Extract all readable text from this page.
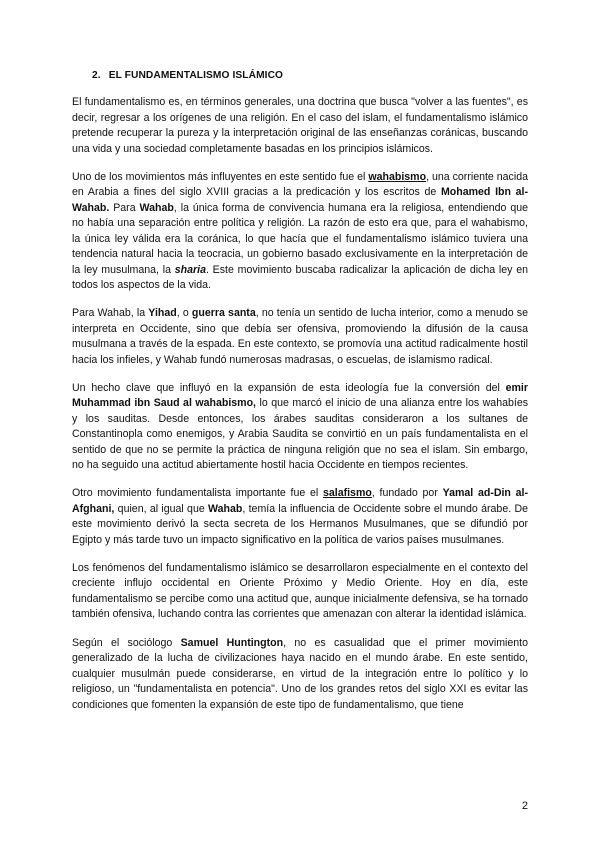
2. EL FUNDAMENTALISMO ISLÁMICO

El fundamentalismo es, en términos generales, una doctrina que busca "volver a las fuentes", es decir, regresar a los orígenes de una religión. En el caso del islam, el fundamentalismo islámico pretende recuperar la pureza y la interpretación original de las enseñanzas coránicas, buscando una vida y una sociedad completamente basadas en los principios islámicos.

Uno de los movimientos más influyentes en este sentido fue el wahabismo, una corriente nacida en Arabia a fines del siglo XVIII gracias a la predicación y los escritos de Mohamed Ibn al-Wahab. Para Wahab, la única forma de convivencia humana era la religiosa, entendiendo que no había una separación entre política y religión. La razón de esto era que, para el wahabismo, la única ley válida era la coránica, lo que hacía que el fundamentalismo islámico tuviera una tendencia natural hacia la teocracia, un gobierno basado exclusivamente en la interpretación de la ley musulmana, la sharia. Este movimiento buscaba radicalizar la aplicación de dicha ley en todos los aspectos de la vida.

Para Wahab, la Yihad, o guerra santa, no tenía un sentido de lucha interior, como a menudo se interpreta en Occidente, sino que debía ser ofensiva, promoviendo la difusión de la causa musulmana a través de la espada. En este contexto, se promovía una actitud radicalmente hostil hacia los infieles, y Wahab fundó numerosas madrasas, o escuelas, de islamismo radical.

Un hecho clave que influyó en la expansión de esta ideología fue la conversión del emir Muhammad ibn Saud al wahabismo, lo que marcó el inicio de una alianza entre los wahabíes y los sauditas. Desde entonces, los árabes sauditas consideraron a los sultanes de Constantinopla como enemigos, y Arabia Saudita se convirtió en un país fundamentalista en el sentido de que no se permite la práctica de ninguna religión que no sea el islam. Sin embargo, no ha seguido una actitud abiertamente hostil hacia Occidente en tiempos recientes.

Otro movimiento fundamentalista importante fue el salafismo, fundado por Yamal ad-Din al-Afghani, quien, al igual que Wahab, temía la influencia de Occidente sobre el mundo árabe. De este movimiento derivó la secta secreta de los Hermanos Musulmanes, que se difundió por Egipto y más tarde tuvo un impacto significativo en la política de varios países musulmanes.

Los fenómenos del fundamentalismo islámico se desarrollaron especialmente en el contexto del creciente influjo occidental en Oriente Próximo y Medio Oriente. Hoy en día, este fundamentalismo se percibe como una actitud que, aunque inicialmente defensiva, se ha tornado también ofensiva, luchando contra las corrientes que amenazan con alterar la identidad islámica.

Según el sociólogo Samuel Huntington, no es casualidad que el primer movimiento generalizado de la lucha de civilizaciones haya nacido en el mundo árabe. En este sentido, cualquier musulmán puede considerarse, en virtud de la integración entre lo político y lo religioso, un "fundamentalista en potencia". Uno de los grandes retos del siglo XXI es evitar las condiciones que fomenten la expansión de este tipo de fundamentalismo, que tiene

2
